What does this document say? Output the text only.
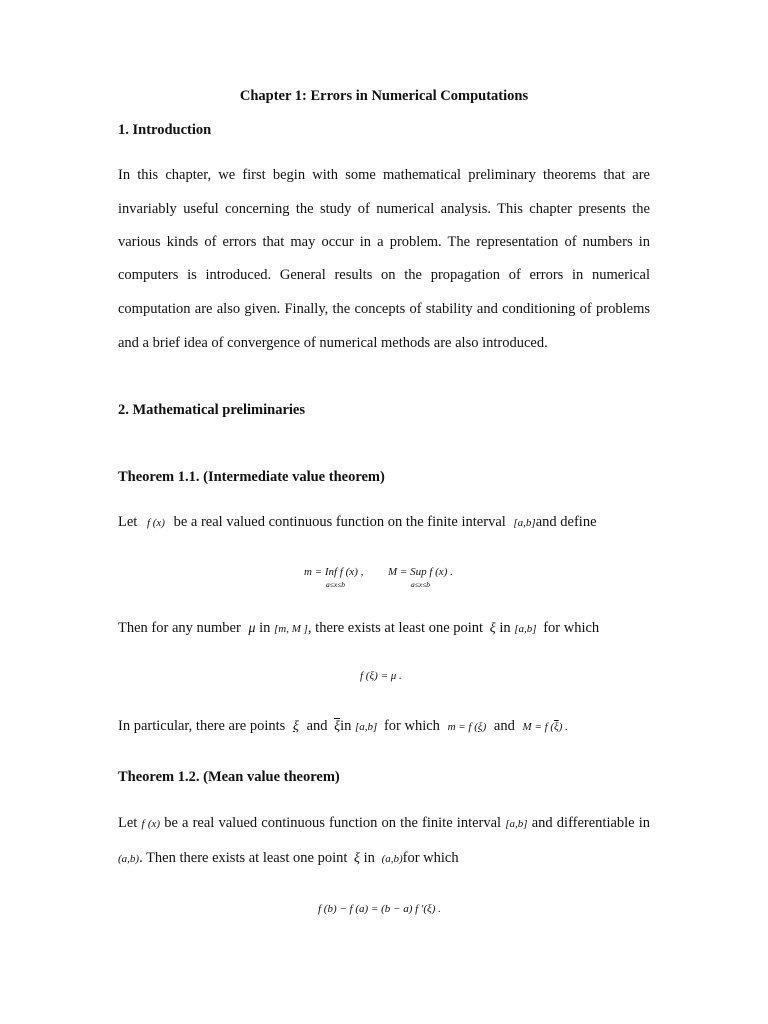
Chapter 1: Errors in Numerical Computations
1. Introduction
In this chapter, we first begin with some mathematical preliminary theorems that are
invariably useful concerning the study of numerical analysis. This chapter presents the
various kinds of errors that may occur in a problem. The representation of numbers in
computers is introduced. General results on the propagation of errors in numerical
computation are also given. Finally, the concepts of stability and conditioning of problems
and a brief idea of convergence of numerical methods are also introduced.
2. Mathematical preliminaries
Theorem 1.1. (Intermediate value theorem)
Let f (x) be a real valued continuous function on the finite interval [a,b]and define
m = Inf f (x) ,
a≤x≤b
M = Sup f (x) .
a≤x≤b
Then for any number μ in [m, M ], there exists at least one point ξ in [a,b] for which
f (ξ) = μ .
In particular, there are points ξ and $\overline{\xi}in$ [a,b] for which m = f (ξ) and M = f $(\overline{\xi})$ .
Theorem 1.2. (Mean value theorem)
Let f (x) be a real valued continuous function on the finite interval [a,b] and differentiable in
(a,b). Then there exists at least one point ξ in (a,b)for which
f (b) − f (a) = (b − a) f ′(ξ) .
